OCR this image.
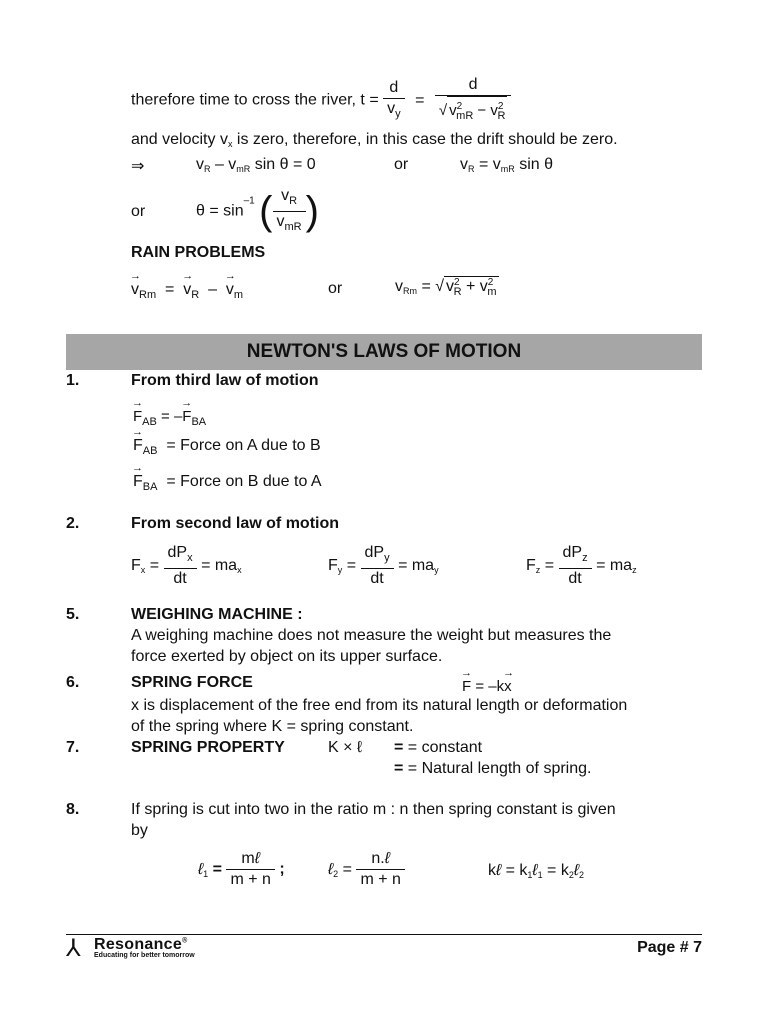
therefore time to cross the river, $t = \frac{d}{v_y} = \frac{d}{√ v^2_{mR} - v^2_R}$
and velocity $v_x$ is zero, therefore, in this case the drift should be zero.
⇒	$v_R - v_{mR}$ sin θ = 0	or	$v_R = v_{mR}$ sin θ
or	$\theta = \sin^{-1}$ ( $\frac{v_R}{v_{mR}}$ )
RAIN PROBLEMS
→ $v_{Rm}$  =  → $v_R$  –  → $v_m$	or	$v_{Rm}$ = √ $v^2_R + v^2_m$
NEWTON'S LAWS OF MOTION
1.	From third law of motion
→ $F_{AB}$ = –→ $F_{BA}$
→ $F_{AB}$ = Force on A due to B
→ $F_{BA}$ = Force on B due to A
2.	From second law of motion
$F_x = \frac{dP_x}{dt} = ma_x$	$F_y = \frac{dP_y}{dt} = ma_y$	$F_z = \frac{dP_z}{dt} = ma_z$
5.	WEIGHING MACHINE :
A weighing machine does not measure the weight but measures the
force exerted by object on its upper surface.
6.	SPRING FORCE
→	F = –k→ x
x is displacement of the free end from its natural length or deformation
of the spring where K = spring constant.
7.	SPRING PROPERTY	K × ℓ = = constant
= = Natural length of spring.
8.	If spring is cut into two in the ratio m : n then spring constant is given
by
ℓ$_1$ = $\frac{\text{mℓ}}{m + n}$ ;	ℓ$_2$ = $\frac{\text{n.ℓ}}{m + n}$	kℓ = $k_1\ell_1$ = $k_2\ell_2$
⅄ Resonance®
Educating for better tomorrow	Page # 7
